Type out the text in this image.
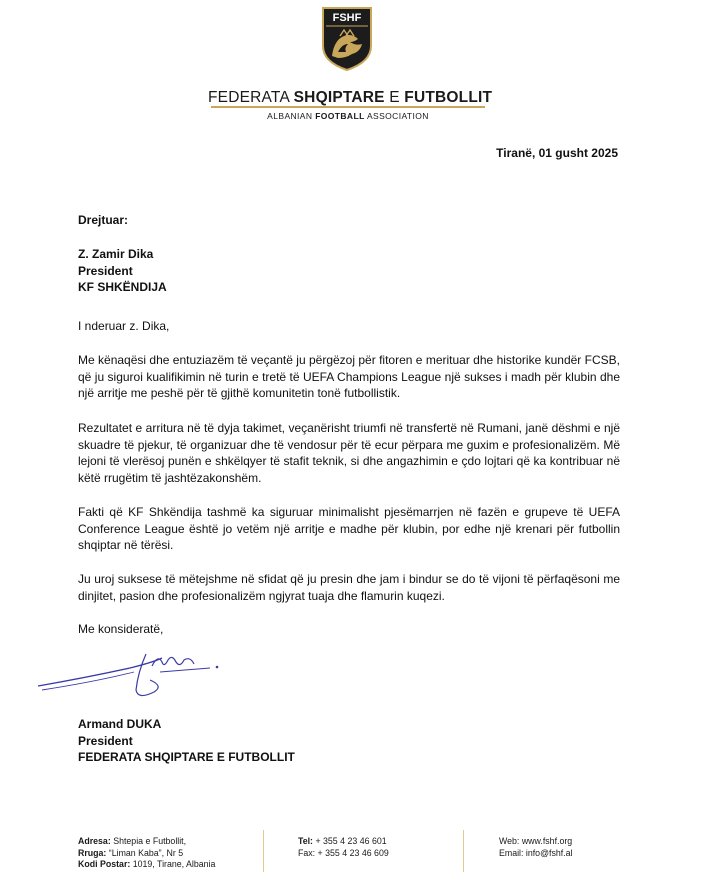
FSHF
FEDERATA SHQIPTARE E FUTBOLLIT
ALBANIAN FOOTBALL ASSOCIATION
Tiranë, 01 gusht 2025
Drejtuar:
Z. Zamir Dika
President
KF SHKËNDIJA
I nderuar z. Dika,
Me kënaqësi dhe entuziazëm të veçantë ju përgëzoj për fitoren e merituar dhe historike kundër FCSB, që ju siguroi kualifikimin në turin e tretë të UEFA Champions League një sukses i madh për klubin dhe një arritje me peshë për të gjithë komunitetin tonë futbollistik.
Rezultatet e arritura në të dyja takimet, veçanërisht triumfi në transfertë në Rumani, janë dëshmi e një skuadre të pjekur, të organizuar dhe të vendosur për të ecur përpara me guxim e profesionalizëm. Më lejoni të vlerësoj punën e shkëlqyer të stafit teknik, si dhe angazhimin e çdo lojtari që ka kontribuar në këtë rrugëtim të jashtëzakonshëm.
Fakti që KF Shkëndija tashmë ka siguruar minimalisht pjesëmarrjen në fazën e grupeve të UEFA Conference League është jo vetëm një arritje e madhe për klubin, por edhe një krenari për futbollin shqiptar në tërësi.
Ju uroj suksese të mëtejshme në sfidat që ju presin dhe jam i bindur se do të vijoni të përfaqësoni me dinjitet, pasion dhe profesionalizëm ngjyrat tuaja dhe flamurin kuqezi.
Me konsideratë,
Armand DUKA
President
FEDERATA SHQIPTARE E FUTBOLLIT
Adresa: Shtepia e Futbollit,
Rruga: “Liman Kaba”, Nr 5
Kodi Postar: 1019, Tirane, Albania
Tel: + 355 4 23 46 601
Fax: + 355 4 23 46 609
Web: www.fshf.org
Email: info@fshf.al
